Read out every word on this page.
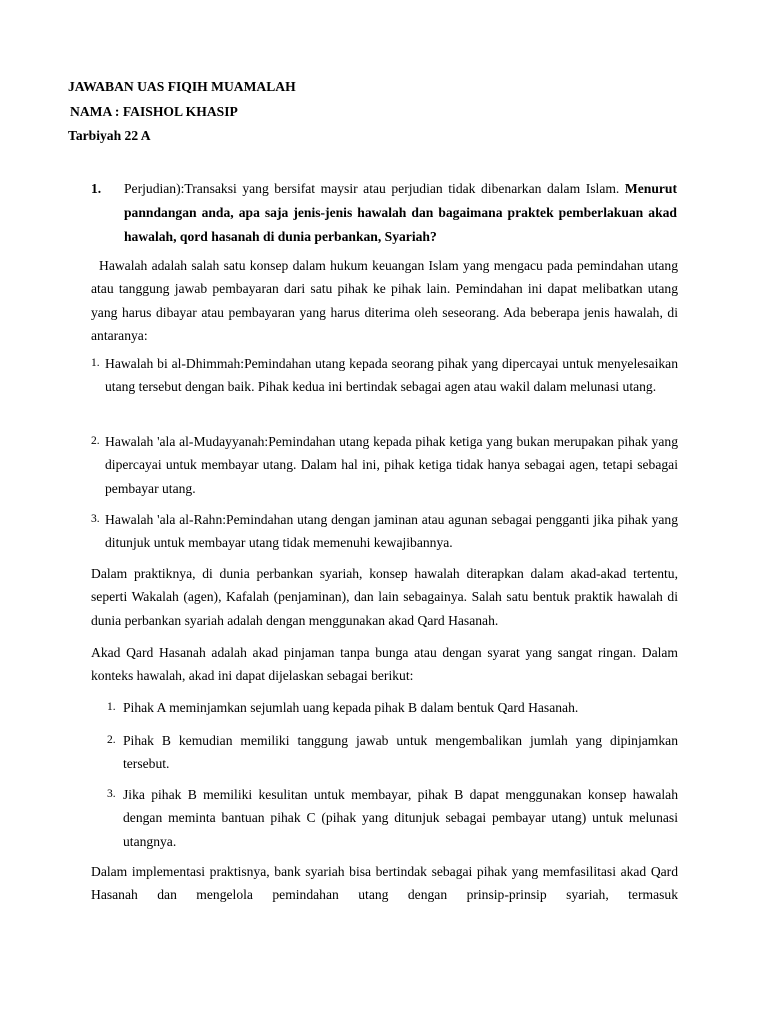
JAWABAN UAS FIQIH MUAMALAH
NAMA : FAISHOL KHASIP
Tarbiyah 22 A
1. Perjudian):Transaksi yang bersifat maysir atau perjudian tidak dibenarkan dalam Islam. Menurut panndangan anda, apa saja jenis-jenis hawalah dan bagaimana praktek pemberlakuan akad hawalah, qord hasanah di dunia perbankan, Syariah?
Hawalah adalah salah satu konsep dalam hukum keuangan Islam yang mengacu pada pemindahan utang atau tanggung jawab pembayaran dari satu pihak ke pihak lain. Pemindahan ini dapat melibatkan utang yang harus dibayar atau pembayaran yang harus diterima oleh seseorang. Ada beberapa jenis hawalah, di antaranya:
1. Hawalah bi al-Dhimmah:Pemindahan utang kepada seorang pihak yang dipercayai untuk menyelesaikan utang tersebut dengan baik. Pihak kedua ini bertindak sebagai agen atau wakil dalam melunasi utang.
2. Hawalah 'ala al-Mudayyanah:Pemindahan utang kepada pihak ketiga yang bukan merupakan pihak yang dipercayai untuk membayar utang. Dalam hal ini, pihak ketiga tidak hanya sebagai agen, tetapi sebagai pembayar utang.
3. Hawalah 'ala al-Rahn:Pemindahan utang dengan jaminan atau agunan sebagai pengganti jika pihak yang ditunjuk untuk membayar utang tidak memenuhi kewajibannya.
Dalam praktiknya, di dunia perbankan syariah, konsep hawalah diterapkan dalam akad-akad tertentu, seperti Wakalah (agen), Kafalah (penjaminan), dan lain sebagainya. Salah satu bentuk praktik hawalah di dunia perbankan syariah adalah dengan menggunakan akad Qard Hasanah.
Akad Qard Hasanah adalah akad pinjaman tanpa bunga atau dengan syarat yang sangat ringan. Dalam konteks hawalah, akad ini dapat dijelaskan sebagai berikut:
1. Pihak A meminjamkan sejumlah uang kepada pihak B dalam bentuk Qard Hasanah.
2. Pihak B kemudian memiliki tanggung jawab untuk mengembalikan jumlah yang dipinjamkan tersebut.
3. Jika pihak B memiliki kesulitan untuk membayar, pihak B dapat menggunakan konsep hawalah dengan meminta bantuan pihak C (pihak yang ditunjuk sebagai pembayar utang) untuk melunasi utangnya.
Dalam implementasi praktisnya, bank syariah bisa bertindak sebagai pihak yang memfasilitasi akad Qard Hasanah dan mengelola pemindahan utang dengan prinsip-prinsip syariah, termasuk
